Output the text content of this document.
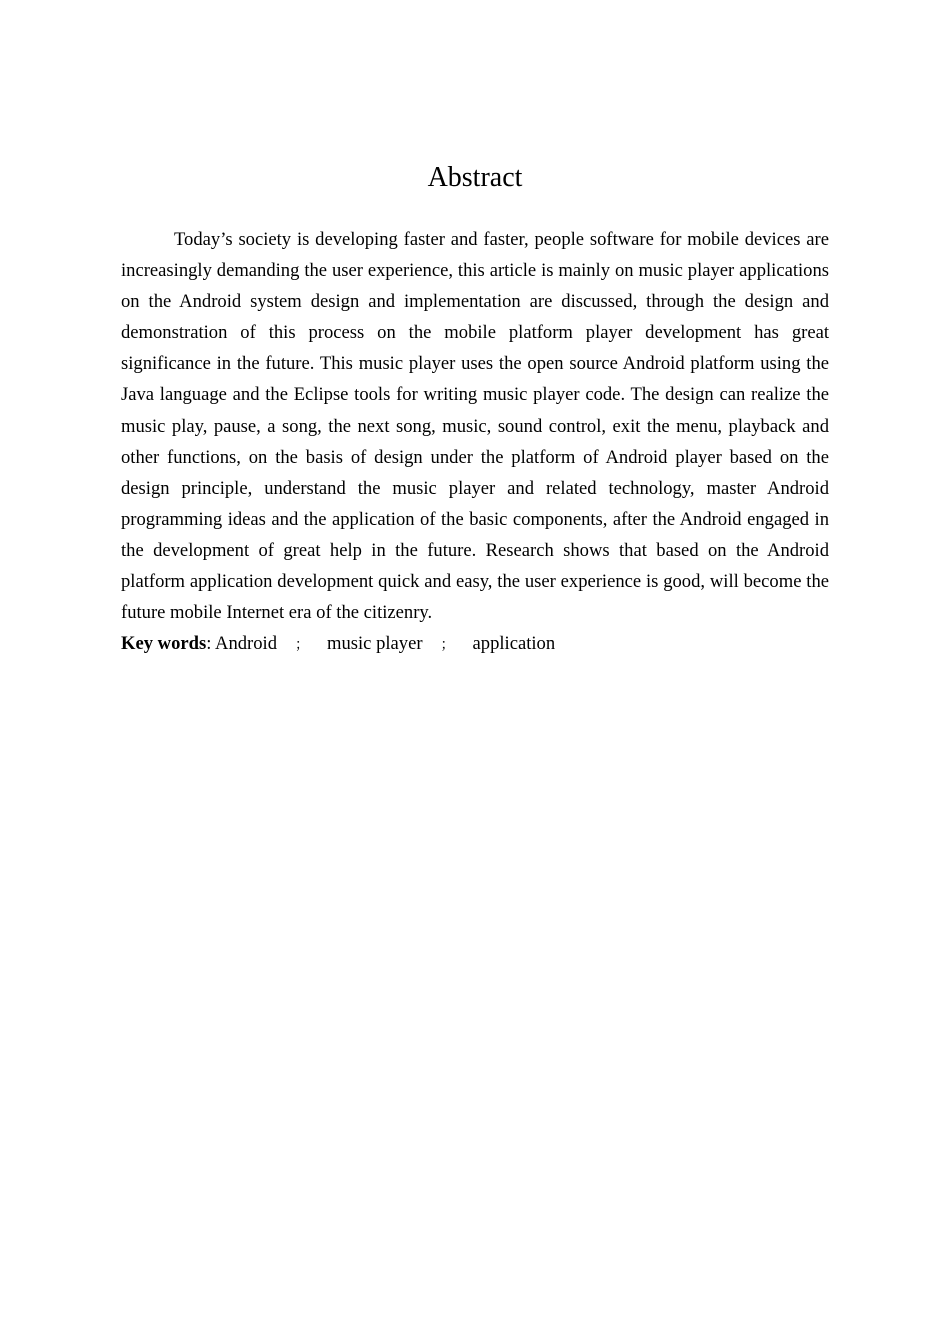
Abstract

Today’s society is developing faster and faster, people software for mobile devices are increasingly demanding the user experience, this article is mainly on music player applications on the Android system design and implementation are discussed, through the design and demonstration of this process on the mobile platform player development has great significance in the future. This music player uses the open source Android platform using the Java language and the Eclipse tools for writing music player code. The design can realize the music play, pause, a song, the next song, music, sound control, exit the menu, playback and other functions, on the basis of design under the platform of Android player based on the design principle, understand the music player and related technology, master Android programming ideas and the application of the basic components, after the Android engaged in the development of great help in the future. Research shows that based on the Android platform application development quick and easy, the user experience is good, will become the future mobile Internet era of the citizenry.

Key words: Android ； music player ； application
